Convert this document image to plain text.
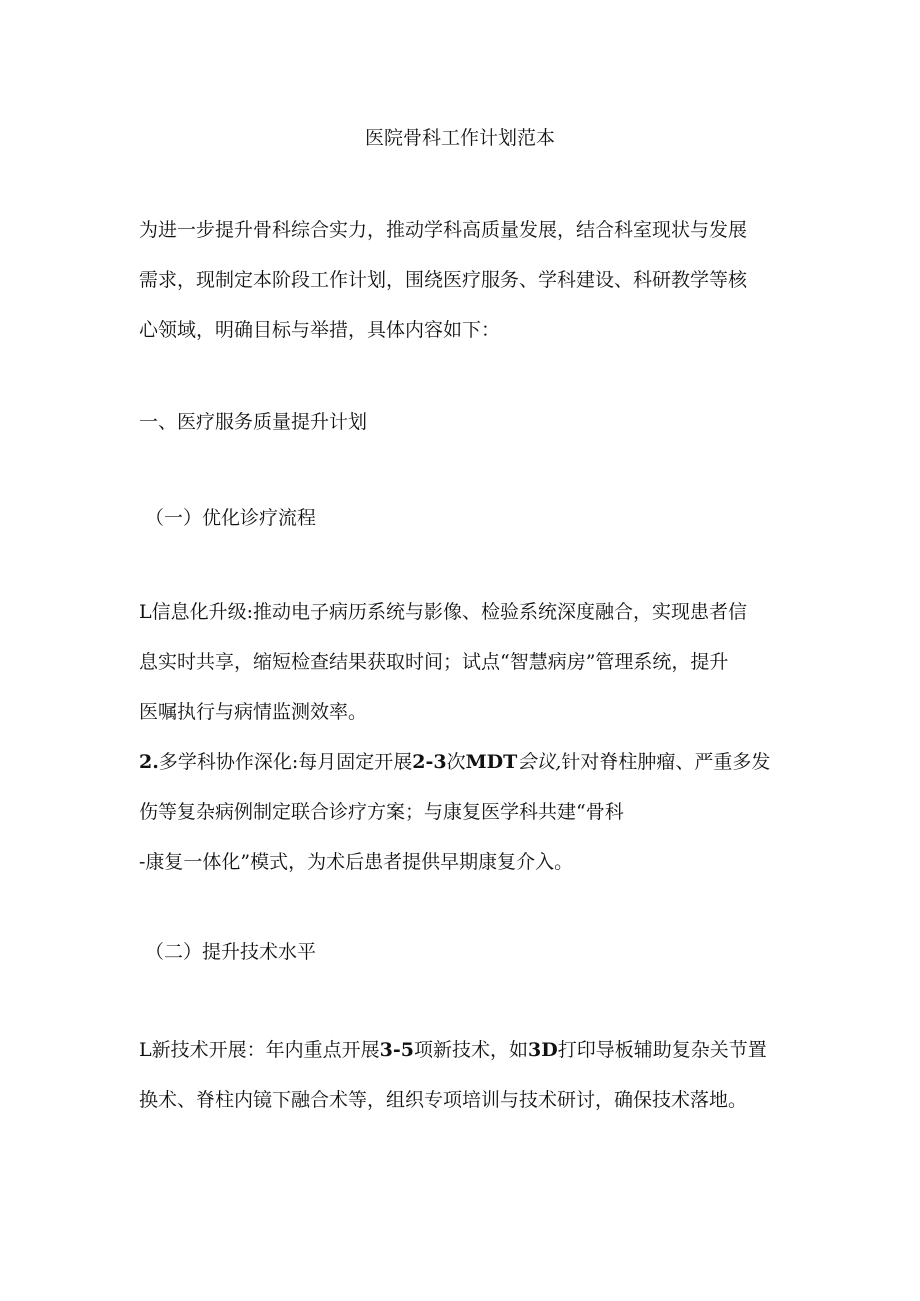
医院骨科工作计划范本

为进一步提升骨科综合实力，推动学科高质量发展，结合科室现状与发展

需求，现制定本阶段工作计划，围绕医疗服务、学科建设、科研教学等核

心领域，明确目标与举措，具体内容如下：

一、医疗服务质量提升计划

（一）优化诊疗流程

L信息化升级:推动电子病历系统与影像、检验系统深度融合，实现患者信

息实时共享，缩短检查结果获取时间；试点“智慧病房”管理系统，提升

医嘱执行与病情监测效率。

2.多学科协作深化:每月固定开展2-3次MDT会议,针对脊柱肿瘤、严重多发

伤等复杂病例制定联合诊疗方案；与康复医学科共建“骨科

-康复一体化”模式，为术后患者提供早期康复介入。

（二）提升技术水平

L新技术开展：年内重点开展3-5项新技术，如3D打印导板辅助复杂关节置

换术、脊柱内镜下融合术等，组织专项培训与技术研讨，确保技术落地。
